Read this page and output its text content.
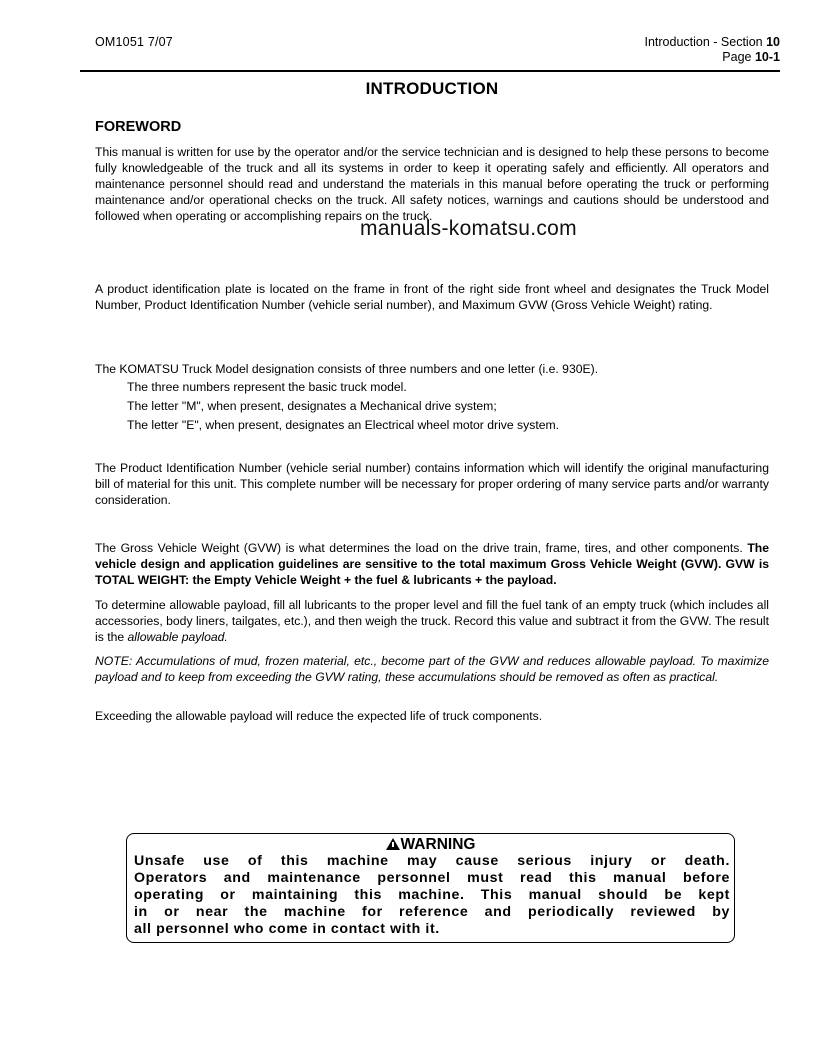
OM1051 7/07	Introduction - Section 10
Page 10-1
INTRODUCTION
FOREWORD
This manual is written for use by the operator and/or the service technician and is designed to help these persons to become fully knowledgeable of the truck and all its systems in order to keep it operating safely and efficiently. All operators and maintenance personnel should read and understand the materials in this manual before operating the truck or performing maintenance and/or operational checks on the truck. All safety notices, warnings and cautions should be understood and followed when operating or accomplishing repairs on the truck.
manuals-komatsu.com
A product identification plate is located on the frame in front of the right side front wheel and designates the Truck Model Number, Product Identification Number (vehicle serial number), and Maximum GVW (Gross Vehicle Weight) rating.
The KOMATSU Truck Model designation consists of three numbers and one letter (i.e. 930E).
The three numbers represent the basic truck model.
The letter "M", when present, designates a Mechanical drive system;
The letter "E", when present, designates an Electrical wheel motor drive system.
The Product Identification Number (vehicle serial number) contains information which will identify the original manufacturing bill of material for this unit. This complete number will be necessary for proper ordering of many service parts and/or warranty consideration.
The Gross Vehicle Weight (GVW) is what determines the load on the drive train, frame, tires, and other components. The vehicle design and application guidelines are sensitive to the total maximum Gross Vehicle Weight (GVW). GVW is TOTAL WEIGHT: the Empty Vehicle Weight + the fuel & lubricants + the payload.
To determine allowable payload, fill all lubricants to the proper level and fill the fuel tank of an empty truck (which includes all accessories, body liners, tailgates, etc.), and then weigh the truck. Record this value and subtract it from the GVW. The result is the allowable payload.
NOTE: Accumulations of mud, frozen material, etc., become part of the GVW and reduces allowable payload. To maximize payload and to keep from exceeding the GVW rating, these accumulations should be removed as often as practical.
Exceeding the allowable payload will reduce the expected life of truck components.
WARNING
Unsafe use of this machine may cause serious injury or death.
Operators and maintenance personnel must read this manual before
operating or maintaining this machine. This manual should be kept
in or near the machine for reference and periodically reviewed by
all personnel who come in contact with it.
